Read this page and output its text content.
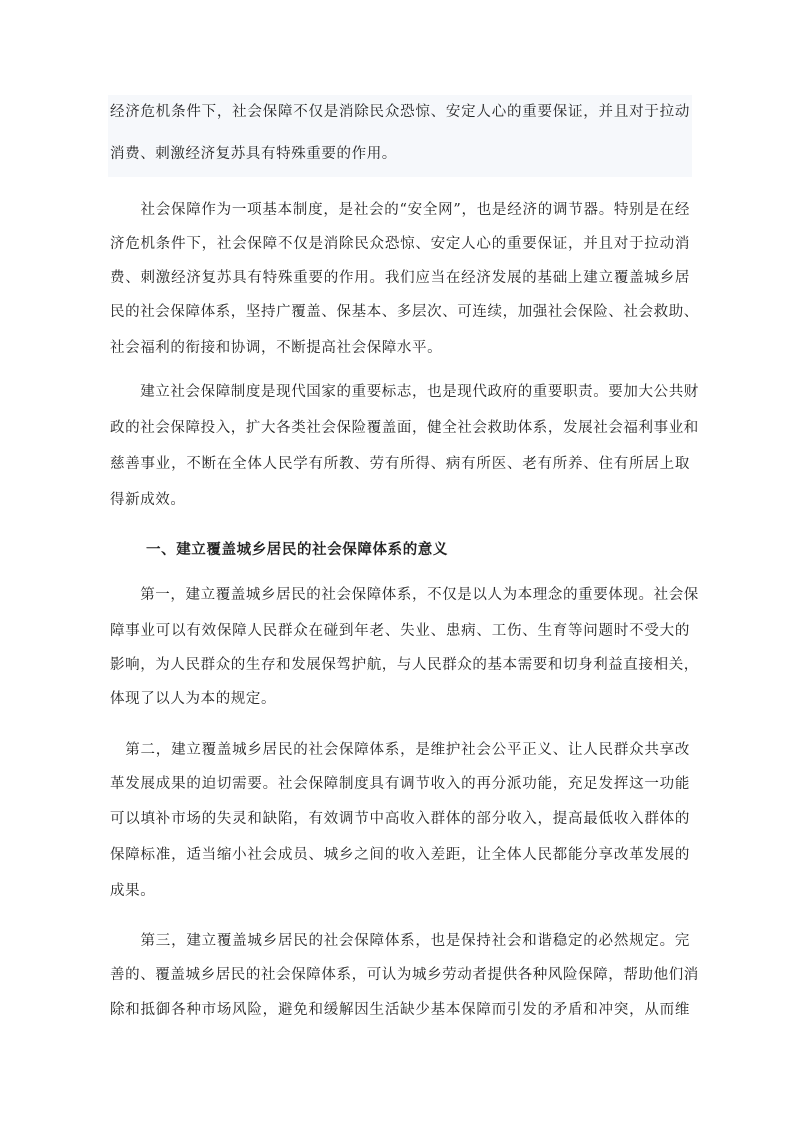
经济危机条件下，社会保障不仅是消除民众恐惊、安定人心的重要保证，并且对于拉动
消费、刺激经济复苏具有特殊重要的作用。
　　社会保障作为一项基本制度，是社会的“安全网”，也是经济的调节器。特别是在经
济危机条件下，社会保障不仅是消除民众恐惊、安定人心的重要保证，并且对于拉动消
费、刺激经济复苏具有特殊重要的作用。我们应当在经济发展的基础上建立覆盖城乡居
民的社会保障体系，坚持广覆盖、保基本、多层次、可连续，加强社会保险、社会救助、
社会福利的衔接和协调，不断提高社会保障水平。
　　建立社会保障制度是现代国家的重要标志，也是现代政府的重要职责。要加大公共财
政的社会保障投入，扩大各类社会保险覆盖面，健全社会救助体系，发展社会福利事业和
慈善事业，不断在全体人民学有所教、劳有所得、病有所医、老有所养、住有所居上取
得新成效。
一、建立覆盖城乡居民的社会保障体系的意义
　　第一，建立覆盖城乡居民的社会保障体系，不仅是以人为本理念的重要体现。社会保
障事业可以有效保障人民群众在碰到年老、失业、患病、工伤、生育等问题时不受大的
影响，为人民群众的生存和发展保驾护航，与人民群众的基本需要和切身利益直接相关，
体现了以人为本的规定。
　第二，建立覆盖城乡居民的社会保障体系，是维护社会公平正义、让人民群众共享改
革发展成果的迫切需要。社会保障制度具有调节收入的再分派功能，充足发挥这一功能
可以填补市场的失灵和缺陷，有效调节中高收入群体的部分收入，提高最低收入群体的
保障标准，适当缩小社会成员、城乡之间的收入差距，让全体人民都能分享改革发展的
成果。
　　第三，建立覆盖城乡居民的社会保障体系，也是保持社会和谐稳定的必然规定。完
善的、覆盖城乡居民的社会保障体系，可认为城乡劳动者提供各种风险保障，帮助他们消
除和抵御各种市场风险，避免和缓解因生活缺少基本保障而引发的矛盾和冲突，从而维
